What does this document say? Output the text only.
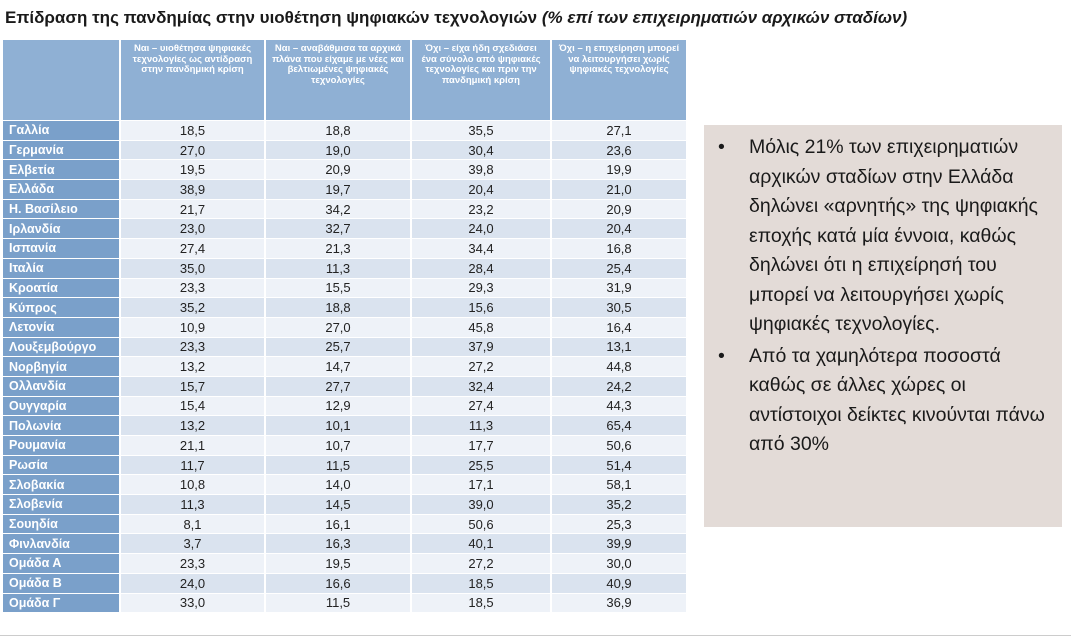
Επίδραση της πανδημίας στην υιοθέτηση ψηφιακών τεχνολογιών (% επί των επιχειρηματιών αρχικών σταδίων)
	Ναι – υιοθέτησα ψηφιακές τεχνολογίες ως αντίδραση στην πανδημική κρίση	Ναι – αναβάθμισα τα αρχικά πλάνα που είχαμε με νέες και βελτιωμένες ψηφιακές τεχνολογίες	Όχι – είχα ήδη σχεδιάσει ένα σύνολο από ψηφιακές τεχνολογίες και πριν την πανδημική κρίση	Όχι – η επιχείρηση μπορεί να λειτουργήσει χωρίς ψηφιακές τεχνολογίες
Γαλλία	18,5	18,8	35,5	27,1
Γερμανία	27,0	19,0	30,4	23,6
Ελβετία	19,5	20,9	39,8	19,9
Ελλάδα	38,9	19,7	20,4	21,0
Η. Βασίλειο	21,7	34,2	23,2	20,9
Ιρλανδία	23,0	32,7	24,0	20,4
Ισπανία	27,4	21,3	34,4	16,8
Ιταλία	35,0	11,3	28,4	25,4
Κροατία	23,3	15,5	29,3	31,9
Κύπρος	35,2	18,8	15,6	30,5
Λετονία	10,9	27,0	45,8	16,4
Λουξεμβούργο	23,3	25,7	37,9	13,1
Νορβηγία	13,2	14,7	27,2	44,8
Ολλανδία	15,7	27,7	32,4	24,2
Ουγγαρία	15,4	12,9	27,4	44,3
Πολωνία	13,2	10,1	11,3	65,4
Ρουμανία	21,1	10,7	17,7	50,6
Ρωσία	11,7	11,5	25,5	51,4
Σλοβακία	10,8	14,0	17,1	58,1
Σλοβενία	11,3	14,5	39,0	35,2
Σουηδία	8,1	16,1	50,6	25,3
Φινλανδία	3,7	16,3	40,1	39,9
Ομάδα Α	23,3	19,5	27,2	30,0
Ομάδα Β	24,0	16,6	18,5	40,9
Ομάδα Γ	33,0	11,5	18,5	36,9
• Μόλις 21% των επιχειρηματιών αρχικών σταδίων στην Ελλάδα δηλώνει «αρνητής» της ψηφιακής εποχής κατά μία έννοια, καθώς δηλώνει ότι η επιχείρησή του μπορεί να λειτουργήσει χωρίς ψηφιακές τεχνολογίες.
• Από τα χαμηλότερα ποσοστά καθώς σε άλλες χώρες οι αντίστοιχοι δείκτες κινούνται πάνω από 30%
